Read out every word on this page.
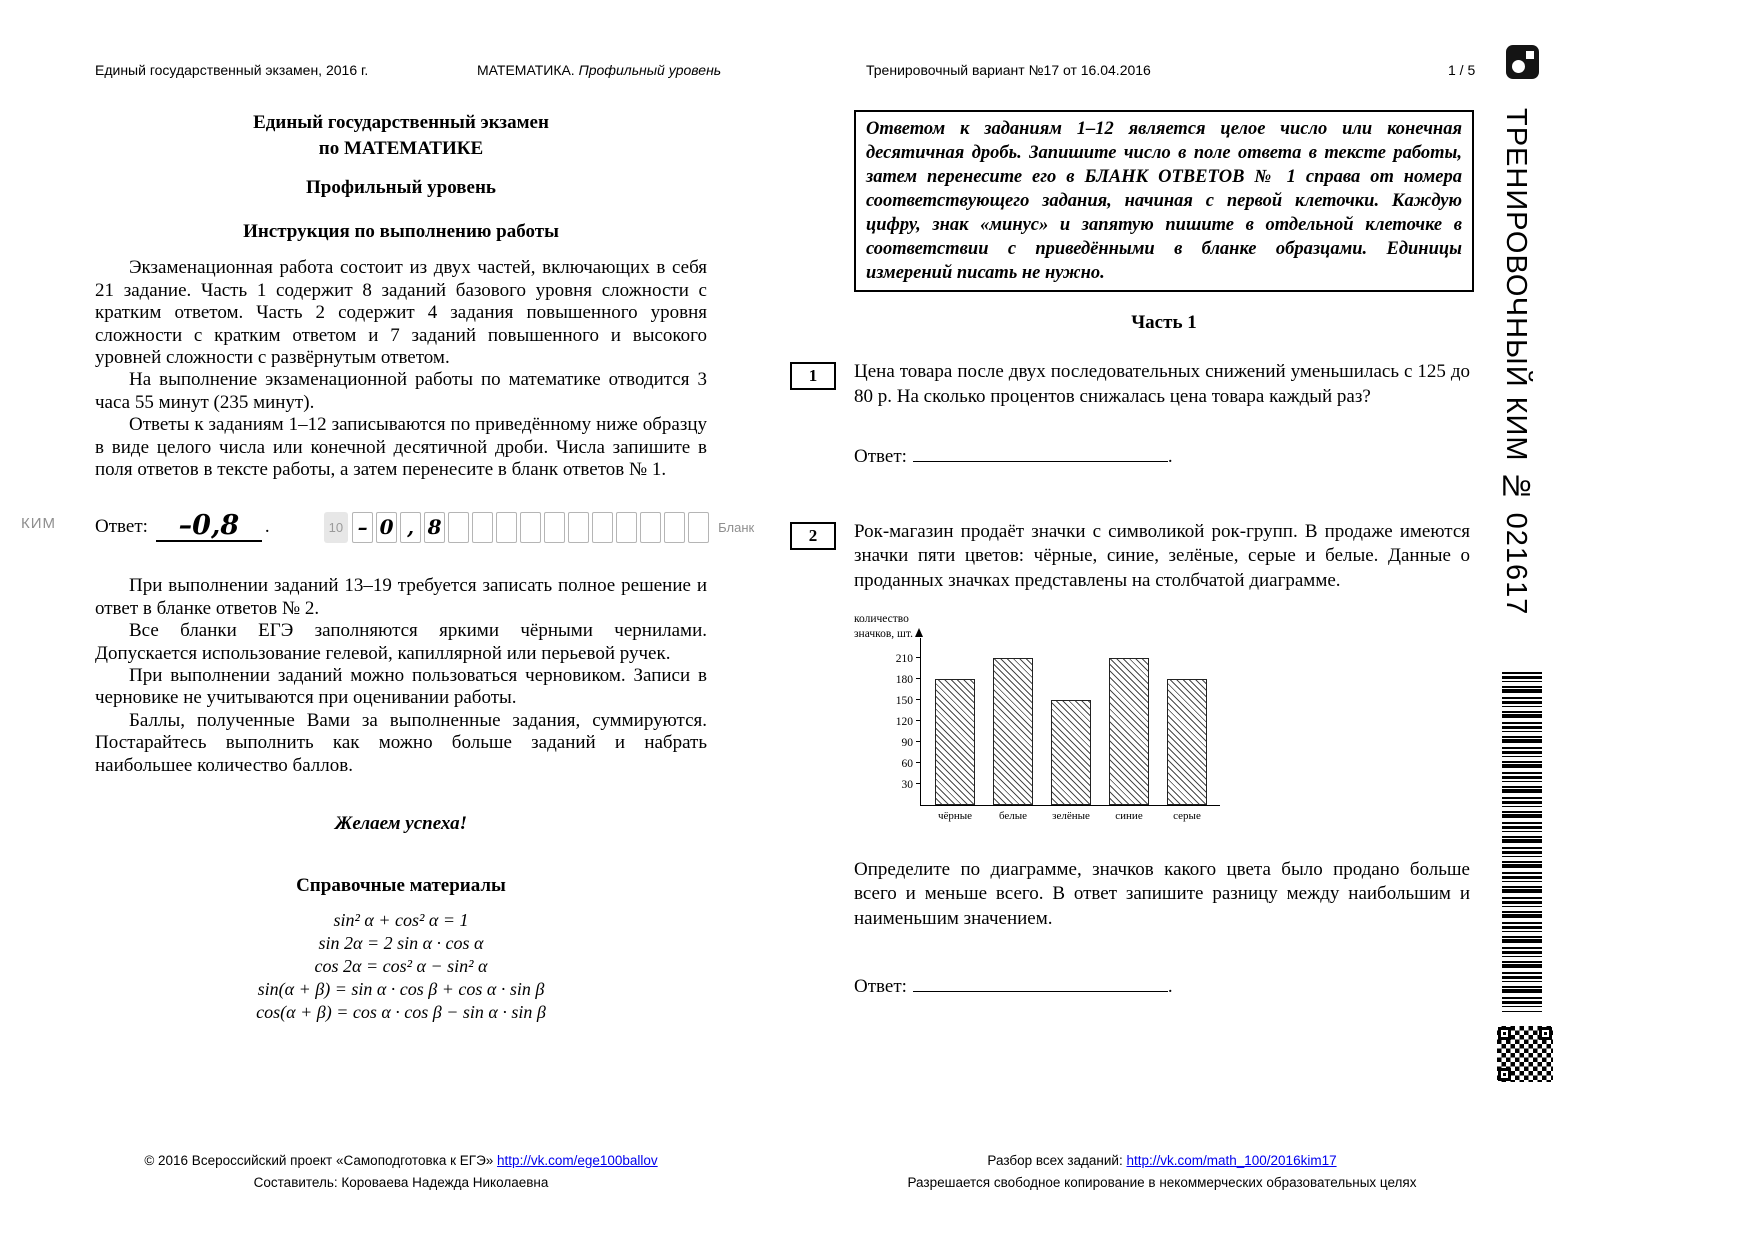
Единый государственный экзамен, 2016 г.	МАТЕМАТИКА. Профильный уровень	Тренировочный вариант №17 от 16.04.2016	1 / 5
Единый государственный экзамен
по МАТЕМАТИКЕ
Профильный уровень
Инструкция по выполнению работы

Экзаменационная работа состоит из двух частей, включающих в себя 21 задание. Часть 1 содержит 8 заданий базового уровня сложности с кратким ответом. Часть 2 содержит 4 задания повышенного уровня сложности с кратким ответом и 7 заданий повышенного и высокого уровней сложности с развёрнутым ответом.

На выполнение экзаменационной работы по математике отводится 3 часа 55 минут (235 минут).

Ответы к заданиям 1–12 записываются по приведённому ниже образцу в виде целого числа или конечной десятичной дроби. Числа запишите в поля ответов в тексте работы, а затем перенесите в бланк ответов № 1.

КИМ Ответ:	–0,8	.	10 – 0 , 8	Бланк

При выполнении заданий 13–19 требуется записать полное решение и ответ в бланке ответов № 2.

Все бланки ЕГЭ заполняются яркими чёрными чернилами. Допускается использование гелевой, капиллярной или перьевой ручек.

При выполнении заданий можно пользоваться черновиком. Записи в черновике не учитываются при оценивании работы.

Баллы, полученные Вами за выполненные задания, суммируются. Постарайтесь выполнить как можно больше заданий и набрать наибольшее количество баллов.

Желаем успеха!
Справочные материалы
sin² α + cos² α = 1
sin 2α = 2 sin α · cos α
cos 2α = cos² α − sin² α
sin(α + β) = sin α · cos β + cos α · sin β
cos(α + β) = cos α · cos β − sin α · sin β
Ответом к заданиям 1–12 является целое число или конечная десятичная дробь. Запишите число в поле ответа в тексте работы, затем перенесите его в БЛАНК ОТВЕТОВ № 1 справа от номера соответствующего задания, начиная с первой клеточки. Каждую цифру, знак «минус» и запятую пишите в отдельной клеточке в соответствии с приведёнными в бланке образцами. Единицы измерений писать не нужно.
Часть 1
1	Цена товара после двух последовательных снижений уменьшилась с 125 до 80 р. На сколько процентов снижалась цена товара каждый раз?
Ответ:	.
2	Рок-магазин продаёт значки с символикой рок-групп. В продаже имеются значки пяти цветов: чёрные, синие, зелёные, серые и белые. Данные о проданных значках представлены на столбчатой диаграмме.
количество
значков, шт.
30
60
90
120
150
180
210
чёрные	белые	зелёные	синие	серые
Определите по диаграмме, значков какого цвета было продано больше всего и меньше всего. В ответ запишите разницу между наибольшим и наименьшим значением.
Ответ:	.
© 2016 Всероссийский проект «Самоподготовка к ЕГЭ» http://vk.com/ege100ballov
Составитель: Короваева Надежда Николаевна
Разбор всех заданий: http://vk.com/math_100/2016kim17
Разрешается свободное копирование в некоммерческих образовательных целях
ТРЕНИРОВОЧНЫЙ КИМ № 021617
